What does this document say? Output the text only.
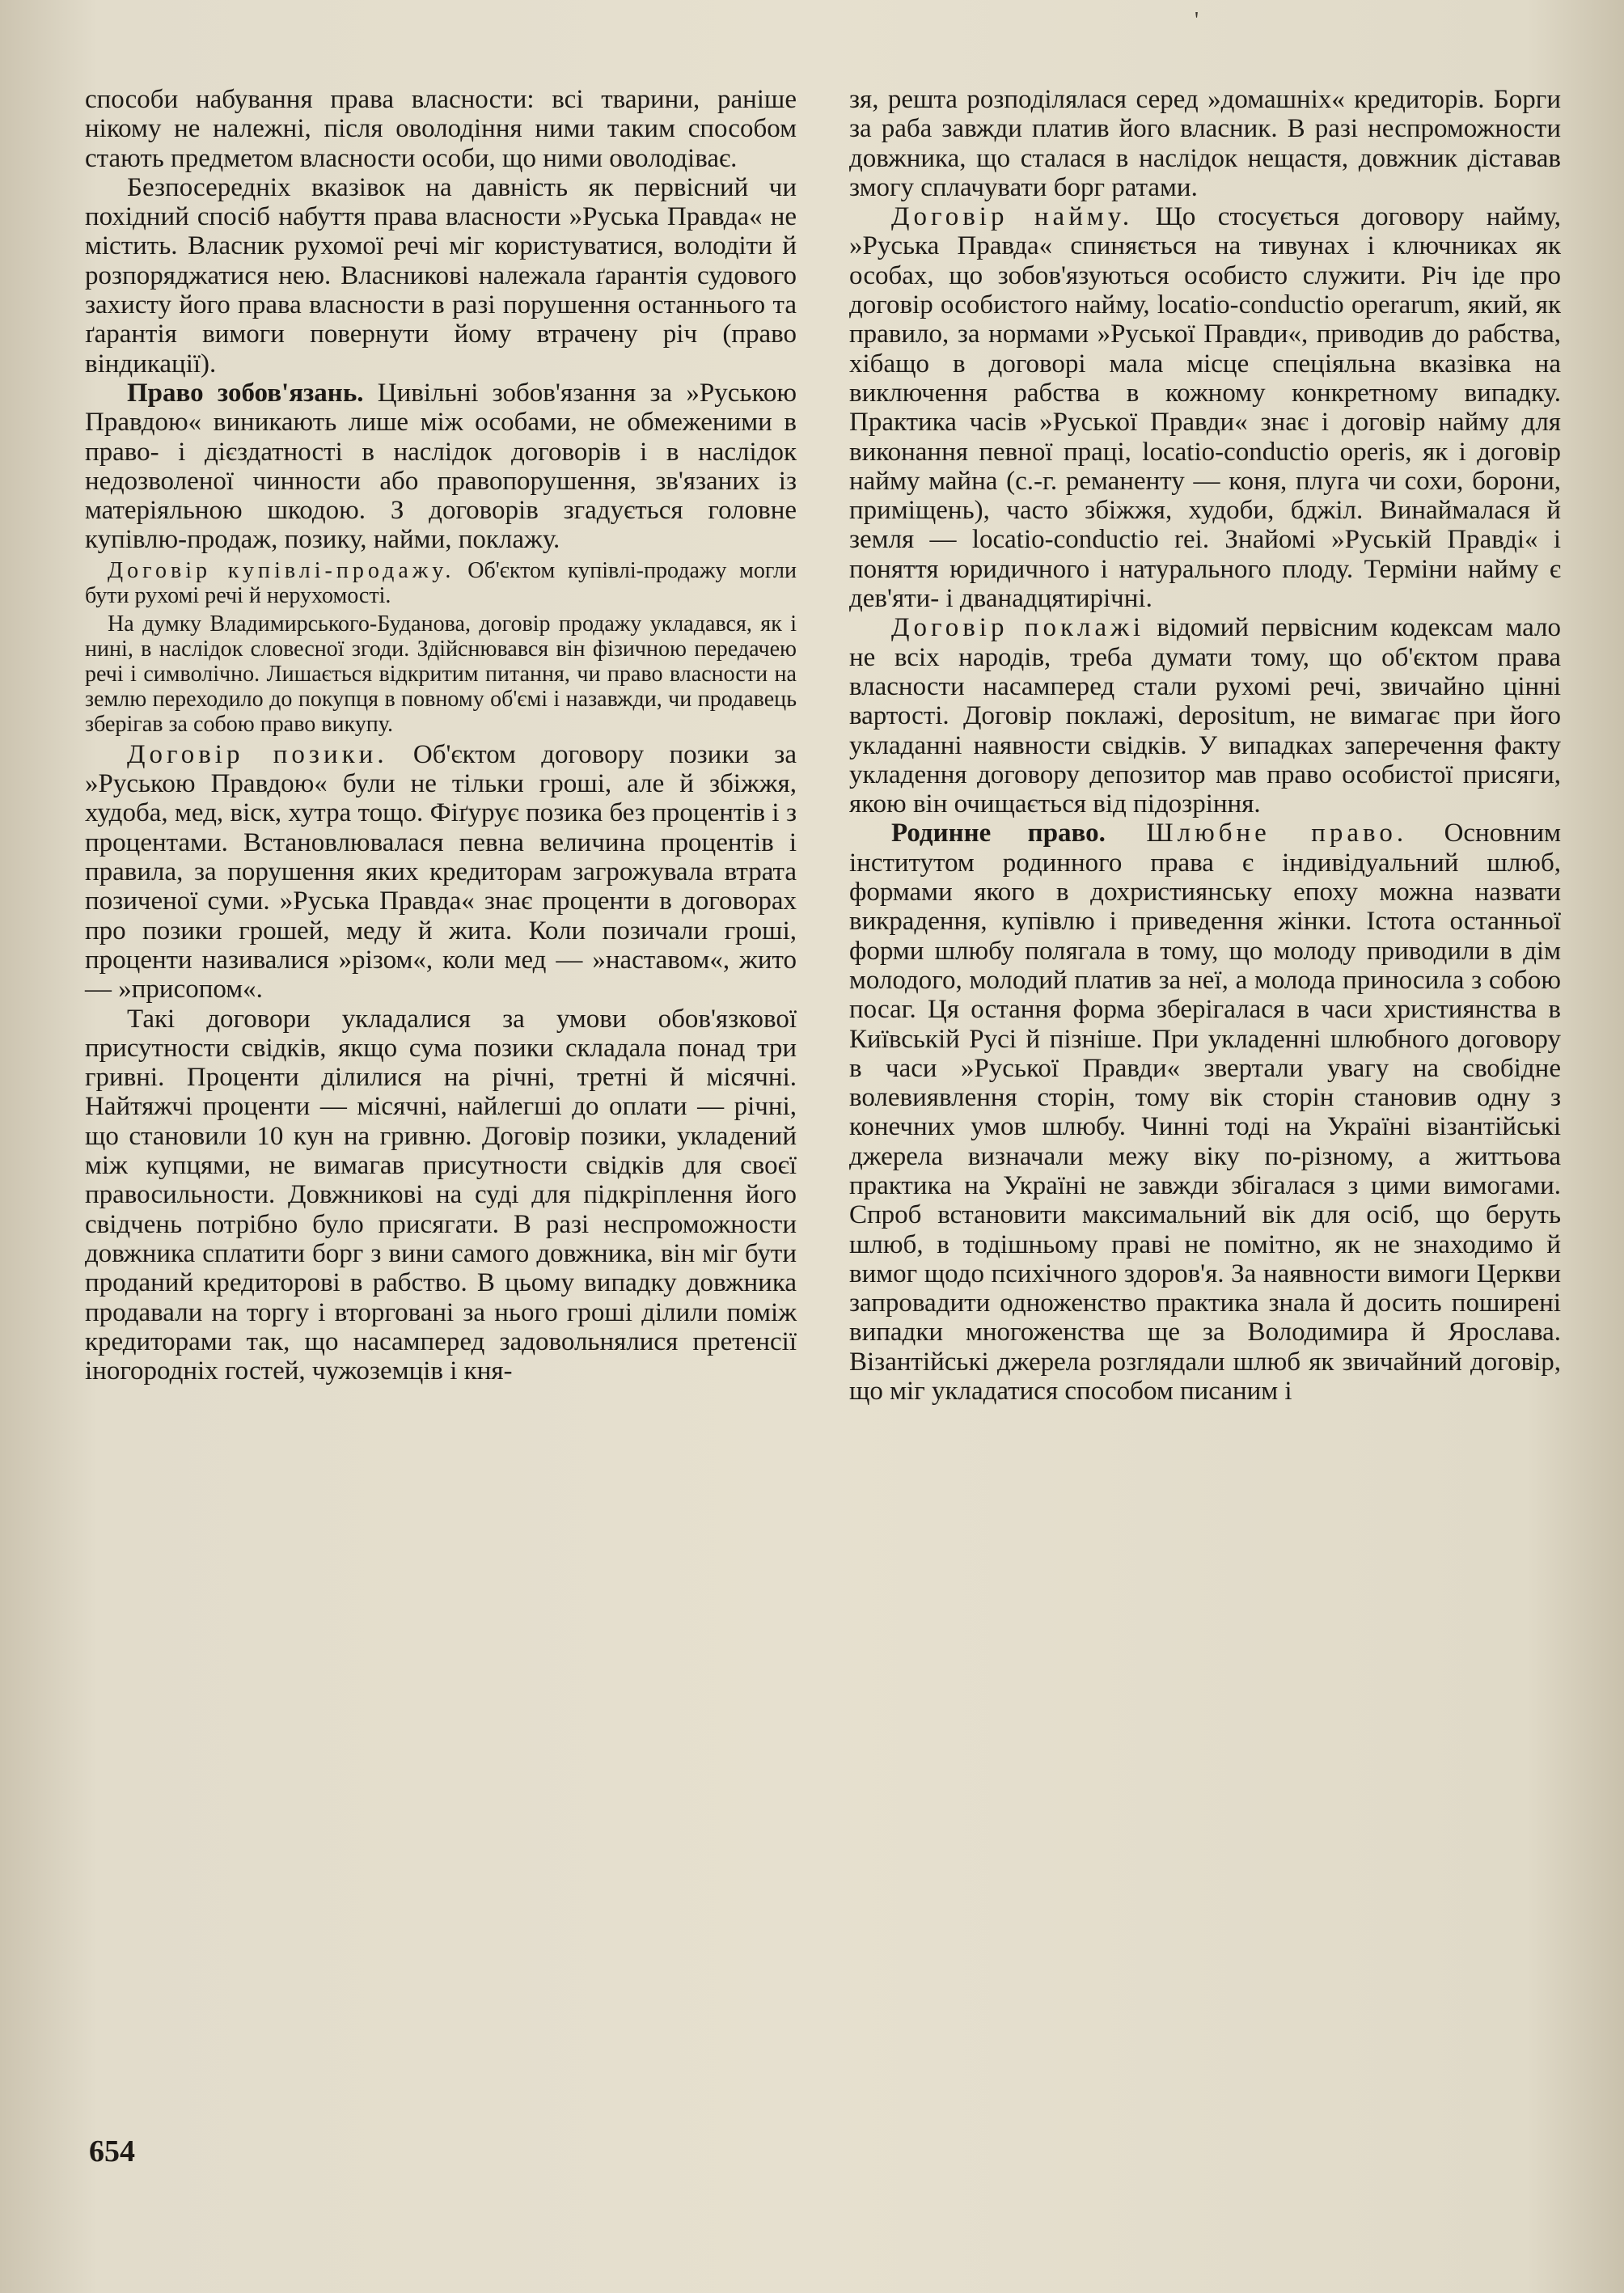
'

способи набування права власности: всі тварини, раніше нікому не належні, після оволодіння ними таким способом стають предметом власности особи, що ними оволодіває.

Безпосередніх вказівок на давність як первісний чи похідний спосіб набуття права власности »Руська Правда« не містить. Власник рухомої речі міг користуватися, володіти й розпоряджатися нею. Власникові належала ґарантія судового захисту його права власности в разі порушення останнього та ґарантія вимоги повернути йому втрачену річ (право віндикації).

Право зобов'язань. Цивільні зобов'язання за »Руською Правдою« виникають лише між особами, не обмеженими в право- і дієздатності в наслідок договорів і в наслідок недозволеної чинности або правопорушення, зв'язаних із матеріяльною шкодою. З договорів згадується головне купівлю-продаж, позику, найми, поклажу.

Договір купівлі-продажу. Об'єктом купівлі-продажу могли бути рухомі речі й нерухомості.

На думку Владимирського-Буданова, договір продажу укладався, як і нині, в наслідок словесної згоди. Здійснювався він фізичною передачею речі і символічно. Лишається відкритим питання, чи право власности на землю переходило до покупця в повному об'ємі і назавжди, чи продавець зберігав за собою право викупу.

Договір позики. Об'єктом договору позики за »Руською Правдою« були не тільки гроші, але й збіжжя, худоба, мед, віск, хутра тощо. Фіґурує позика без процентів і з процентами. Встановлювалася певна величина процентів і правила, за порушення яких кредиторам загрожувала втрата позиченої суми. »Руська Правда« знає проценти в договорах про позики грошей, меду й жита. Коли позичали гроші, проценти називалися »різом«, коли мед — »наставом«, жито — »присопом«.

Такі договори укладалися за умови обов'язкової присутности свідків, якщо сума позики складала понад три гривні. Проценти ділилися на річні, третні й місячні. Найтяжчі проценти — місячні, найлегші до оплати — річні, що становили 10 кун на гривню. Договір позики, укладений між купцями, не вимагав присутности свідків для своєї правосильности. Довжникові на суді для підкріплення його свідчень потрібно було присягати. В разі неспроможности довжника сплатити борг з вини самого довжника, він міг бути проданий кредиторові в рабство. В цьому випадку довжника продавали на торгу і вторговані за нього гроші ділили поміж кредиторами так, що насамперед задовольнялися претенсії іногородніх гостей, чужоземців і кня-

зя, решта розподілялася серед »домашніх« кредиторів. Борги за раба завжди платив його власник. В разі неспроможности довжника, що сталася в наслідок нещастя, довжник діставав змогу сплачувати борг ратами.

Договір найму. Що стосується договору найму, »Руська Правда« спиняється на тивунах і ключниках як особах, що зобов'язуються особисто служити. Річ іде про договір особистого найму, locatio-conductio operarum, який, як правило, за нормами »Руської Правди«, приводив до рабства, хібащо в договорі мала місце спеціяльна вказівка на виключення рабства в кожному конкретному випадку. Практика часів »Руської Правди« знає і договір найму для виконання певної праці, locatio-conductio operis, як і договір найму майна (с.-г. реманенту — коня, плуга чи сохи, борони, приміщень), часто збіжжя, худоби, бджіл. Винаймалася й земля — locatio-conductio rei. Знайомі »Руській Правді« і поняття юридичного і натурального плоду. Терміни найму є дев'яти- і дванадцятирічні.

Договір поклажі відомий первісним кодексам мало не всіх народів, треба думати тому, що об'єктом права власности насамперед стали рухомі речі, звичайно цінні вартості. Договір поклажі, depositum, не вимагає при його укладанні наявности свідків. У випадках заперечення факту укладення договору депозитор мав право особистої присяги, якою він очищається від підозріння.

Родинне право. Шлюбне право. Основним інститутом родинного права є індивідуальний шлюб, формами якого в дохристиянську епоху можна назвати викрадення, купівлю і приведення жінки. Істота останньої форми шлюбу полягала в тому, що молоду приводили в дім молодого, молодий платив за неї, а молода приносила з собою посаг. Ця остання форма зберігалася в часи християнства в Київській Русі й пізніше. При укладенні шлюбного договору в часи »Руської Правди« звертали увагу на свобідне волевиявлення сторін, тому вік сторін становив одну з конечних умов шлюбу. Чинні тоді на Україні візантійські джерела визначали межу віку по-різному, а життьова практика на Україні не завжди збігалася з цими вимогами. Спроб встановити максимальний вік для осіб, що беруть шлюб, в тодішньому праві не помітно, як не знаходимо й вимог щодо психічного здоров'я. За наявности вимоги Церкви запровадити одноженство практика знала й досить поширені випадки многоженства ще за Володимира й Ярослава. Візантійські джерела розглядали шлюб як звичайний договір, що міг укладатися способом писаним і

654
